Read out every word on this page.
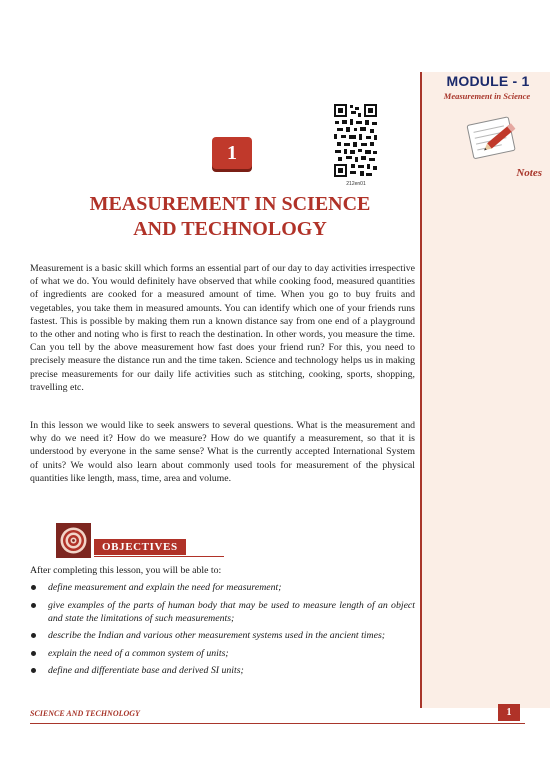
MODULE - 1
Measurement in Science
Notes
212en01
1
MEASUREMENT IN SCIENCE
AND TECHNOLOGY

Measurement is a basic skill which forms an essential part of our day to day activities irrespective of what we do. You would definitely have observed that while cooking food, measured quantities of ingredients are cooked for a measured amount of time. When you go to buy fruits and vegetables, you take them in measured amounts. You can identify which one of your friends runs fastest. This is possible by making them run a known distance say from one end of a playground to the other and noting who is first to reach the destination. In other words, you measure the time. Can you tell by the above measurement how fast does your friend run? For this, you need to precisely measure the distance run and the time taken. Science and technology helps us in making precise measurements for our daily life activities such as stitching, cooking, sports, shopping, travelling etc.

In this lesson we would like to seek answers to several questions. What is the measurement and why do we need it? How do we measure? How do we quantify a measurement, so that it is understood by everyone in the same sense? What is the currently accepted International System of units? We would also learn about commonly used tools for measurement of the physical quantities like length, mass, time, area and volume.

OBJECTIVES
After completing this lesson, you will be able to:
define measurement and explain the need for measurement;
give examples of the parts of human body that may be used to measure length of an object and state the limitations of such measurements;
describe the Indian and various other measurement systems used in the ancient times;
explain the need of a common system of units;
define and differentiate base and derived SI units;
SCIENCE AND TECHNOLOGY	1
